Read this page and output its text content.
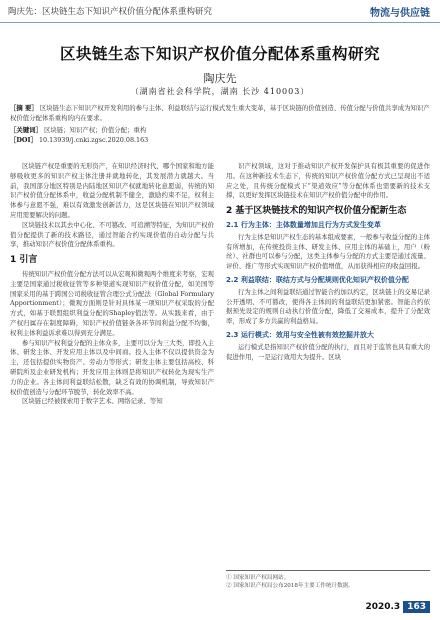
陶庆先：区块链生态下知识产权价值分配体系重构研究	物流与供应链
区块链生态下知识产权价值分配体系重构研究
陶庆先
（湖南省社会科学院，湖南 长沙 410003）
［摘 要］ 区块链生态下知识产权开发利用的参与主体、利益联结与运行模式发生重大变革，基于区块链的价值创造、传值分配与价值共享成为知识产权价值分配体系重构的内在要求。
［关键词］ 区块链；知识产权；价值分配；重构
［DOI］ 10.13939/j.cnki.zgsc.2020.08.163

区块链产权是重要的无形资产，在知识经济时代，哪个国家和地方能够吸收更多的知识产权主体注册并就地转化，其发展潜力就越大。当前，我国部分地区特别是内陆地区知识产权就地转化意愿弱，传统的知识产权价值分配体系中，收益分配机制不健全，激励约束不足，权利主体参与意愿不强，难以有效激发创新活力，这是区块链在知识产权领域应用需要解决的问题。

区块链技术以其去中心化、不可篡改、可追溯等特征，为知识产权价值分配提供了新的技术路径，通过智能合约实现价值的自动分配与共享，推动知识产权价值分配体系重构。

1 引言

传统知识产权价值分配方法可以从宏观和微观两个维度来考察，宏观主要是国家通过税收征管等多种渠道实现知识产权价值分配，如美国等国家采用的基于跨国公司税收征管合理公式分配法（Global Formulary Apportionment）；微观方面则是针对具体某一项知识产权采取的分配方式，如基于联盟组织利益分配的Shapley值法等。从实践来看，由于产权归属存在制度障碍，知识产权价值链条各环节间利益分配不均衡，权利主体利益诉求难以得到充分满足。

参与知识产权利益分配的主体众多，主要可以分为三大类，即投入主体、研发主体、开发应用主体以及中间商。投入主体不仅以提供资金为主，还包括提供实物资产、劳动力等形式；研发主体主要包括高校、科研院所及企业研发机构；开发应用主体则是将知识产权转化为现实生产力的企业。各主体间利益联结松散，缺乏有效的协调机制，导致知识产权价值创造与分配环节脱节，转化效率不高。

区块链已经被探索用于数字艺术、网络记录、等知

识产权领域，这对于推动知识产权开发保护具有极其重要的促进作用。在这种新技术生态下，传统的知识产权价值分配方式已呈现出不适应之处，且传统分配模式下“渠道效应”等分配体系也需要新的技术支撑，以更好发挥区块链技术在知识产权价值分配中的作用。

2 基于区块链技术的知识产权价值分配新生态
2.1 行为主体：主体数量增加且行为方式发生变革

行为主体是知识产权生态的基本组成要素，一般参与收益分配的主体有所增加，在传统投资主体、研发主体、应用主体的基础上，用户（粉丝）、社群也可以参与分配，这类主体参与分配的方式主要是通过流量、评价、推广等形式实现知识产权价值增值，从而获得相应的收益回报。

2.2 利益联结：联结方式与分配规则优化知识产权价值分配

行为主体之间利益联结通过智能合约加以约定，区块链上的交易记录公开透明、不可篡改，使得各主体间的利益联结更加紧密。智能合约依据预先设定的规则自动执行价值分配，降低了交易成本，提升了分配效率，形成了多方共赢的利益格局。

2.3 运行模式：效用与安全性被有效挖掘并放大

运行模式是指知识产权价值分配的执行，而且对于监管也具有重大的促进作用，一是运行效用大为提升。区块

① 国家知识产权局网站。
② 国家知识产权局公布2018年主要工作统计数据。
2020.3 163
